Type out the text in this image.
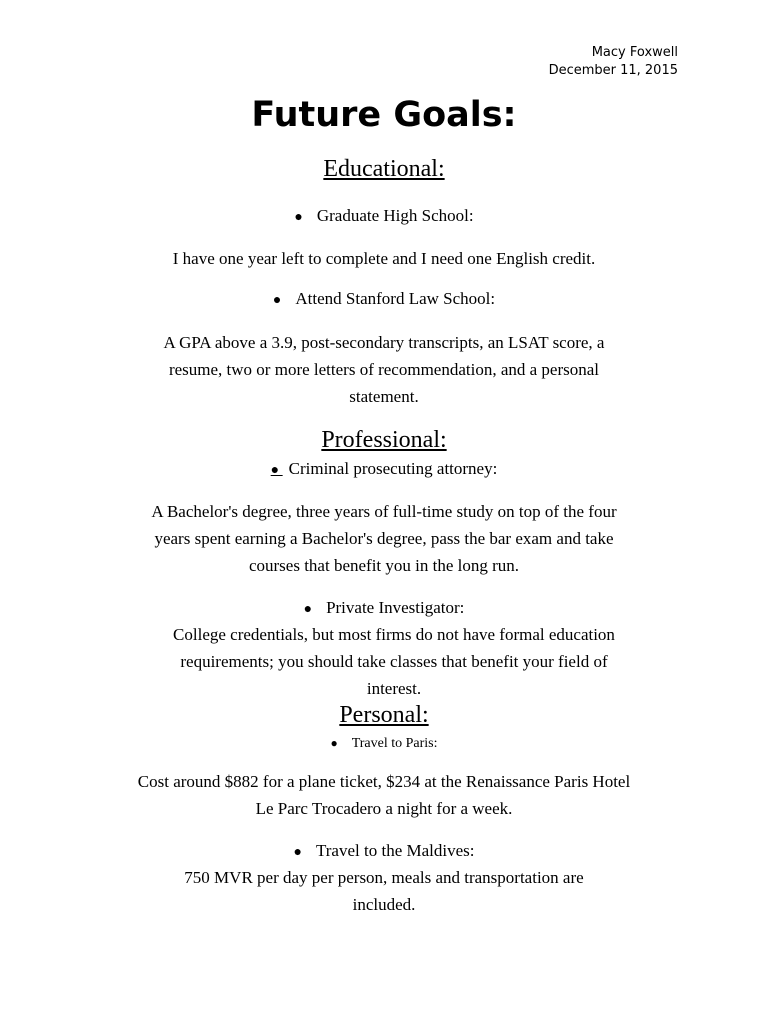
Macy Foxwell
December 11, 2015
Future Goals:
Educational:
● Graduate High School:
I have one year left to complete and I need one English credit.
● Attend Stanford Law School:
A GPA above a 3.9, post-secondary transcripts, an LSAT score, a
resume, two or more letters of recommendation, and a personal
statement.
Professional:
● Criminal prosecuting attorney:
A Bachelor's degree, three years of full-time study on top of the four
years spent earning a Bachelor's degree, pass the bar exam and take
courses that benefit you in the long run.
● Private Investigator:
College credentials, but most firms do not have formal education
requirements; you should take classes that benefit your field of
interest.
Personal:
● Travel to Paris:
Cost around $882 for a plane ticket, $234 at the Renaissance Paris Hotel
Le Parc Trocadero a night for a week.
● Travel to the Maldives:
750 MVR per day per person, meals and transportation are
included.
